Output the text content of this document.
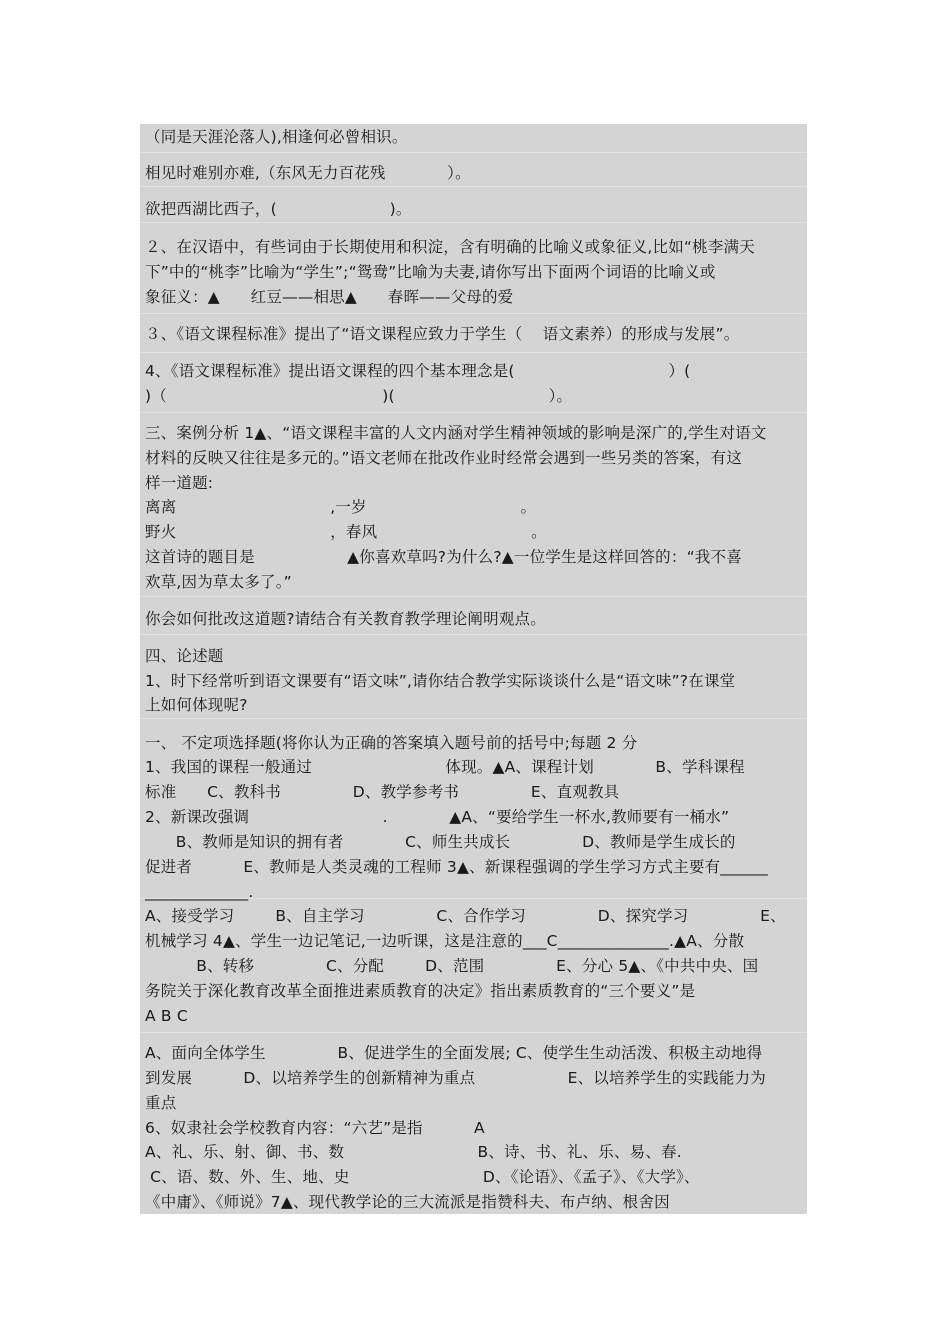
（同是天涯沦落人),相逢何必曾相识。
相见时难别亦难,（东风无力百花残            ）。
欲把西湖比西子，(                      )。
２、在汉语中，有些词由于长期使用和积淀，含有明确的比喻义或象征义,比如“桃李满天
下”中的“桃李”比喻为“学生”;“鸳鸯”比喻为夫妻,请你写出下面两个词语的比喻义或
象征义：▲      红豆——相思▲      春晖——父母的爱
３、《语文课程标准》提出了“语文课程应致力于学生（    语文素养）的形成与发展”。
4、《语文课程标准》提出语文课程的四个基本理念是(                              ）(
)（                                          )(                              ）。
三、案例分析 1▲、“语文课程丰富的人文内涵对学生精神领域的影响是深广的,学生对语文
材料的反映又往往是多元的。”语文老师在批改作业时经常会遇到一些另类的答案，有这
样一道题:
离离                              ,一岁                              。
野火                              ，春风                              。
这首诗的题目是                  ▲你喜欢草吗?为什么?▲一位学生是这样回答的：“我不喜
欢草,因为草太多了。”
你会如何批改这道题?请结合有关教育教学理论阐明观点。
四、论述题
1、时下经常听到语文课要有“语文味”,请你结合教学实际谈谈什么是“语文味”?在课堂
上如何体现呢?
一、 不定项选择题(将你认为正确的答案填入题号前的括号中;每题 2 分
1、我国的课程一般通过                          体现。▲A、课程计划            B、学科课程
标准      C、教科书              D、教学参考书              E、直观教具
2、新课改强调                          .            ▲A、“要给学生一杯水,教师要有一桶水”
B、教师是知识的拥有者            C、师生共成长              D、教师是学生成长的
促进者          E、教师是人类灵魂的工程师 3▲、新课程强调的学生学习方式主要有______
_____________.
A、接受学习        B、自主学习              C、合作学习              D、探究学习              E、
机械学习 4▲、学生一边记笔记,一边听课，这是注意的___C______________.▲A、分散
B、转移              C、分配        D、范围              E、分心 5▲、《中共中央、国
务院关于深化教育改革全面推进素质教育的决定》指出素质教育的“三个要义”是
A B C
A、面向全体学生              B、促进学生的全面发展; C、使学生生动活泼、积极主动地得
到发展          D、以培养学生的创新精神为重点                  E、以培养学生的实践能力为
重点
6、奴隶社会学校教育内容：“六艺”是指          A
A、礼、乐、射、御、书、数                          B、诗、书、礼、乐、易、春.
C、语、数、外、生、地、史                          D、《论语》、《孟子》、《大学》、
《中庸》、《师说》7▲、现代教学论的三大流派是指赞科夫、布卢纳、根舍因
